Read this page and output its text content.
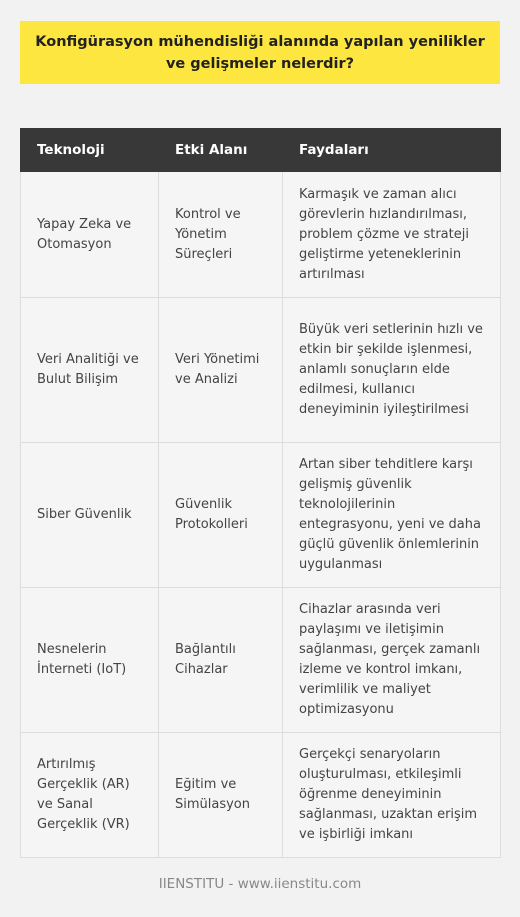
Konfigürasyon mühendisliği alanında yapılan yenilikler ve gelişmeler nelerdir?
Teknoloji	Etki Alanı	Faydaları
Yapay Zeka ve Otomasyon	Kontrol ve Yönetim Süreçleri	Karmaşık ve zaman alıcı görevlerin hızlandırılması, problem çözme ve strateji geliştirme yeteneklerinin artırılması
Veri Analitiği ve Bulut Bilişim	Veri Yönetimi ve Analizi	Büyük veri setlerinin hızlı ve etkin bir şekilde işlenmesi, anlamlı sonuçların elde edilmesi, kullanıcı deneyiminin iyileştirilmesi
Siber Güvenlik	Güvenlik Protokolleri	Artan siber tehditlere karşı gelişmiş güvenlik teknolojilerinin entegrasyonu, yeni ve daha güçlü güvenlik önlemlerinin uygulanması
Nesnelerin İnterneti (IoT)	Bağlantılı Cihazlar	Cihazlar arasında veri paylaşımı ve iletişimin sağlanması, gerçek zamanlı izleme ve kontrol imkanı, verimlilik ve maliyet optimizasyonu
Artırılmış Gerçeklik (AR) ve Sanal Gerçeklik (VR)	Eğitim ve Simülasyon	Gerçekçi senaryoların oluşturulması, etkileşimli öğrenme deneyiminin sağlanması, uzaktan erişim ve işbirliği imkanı
IIENSTITU - www.iienstitu.com
